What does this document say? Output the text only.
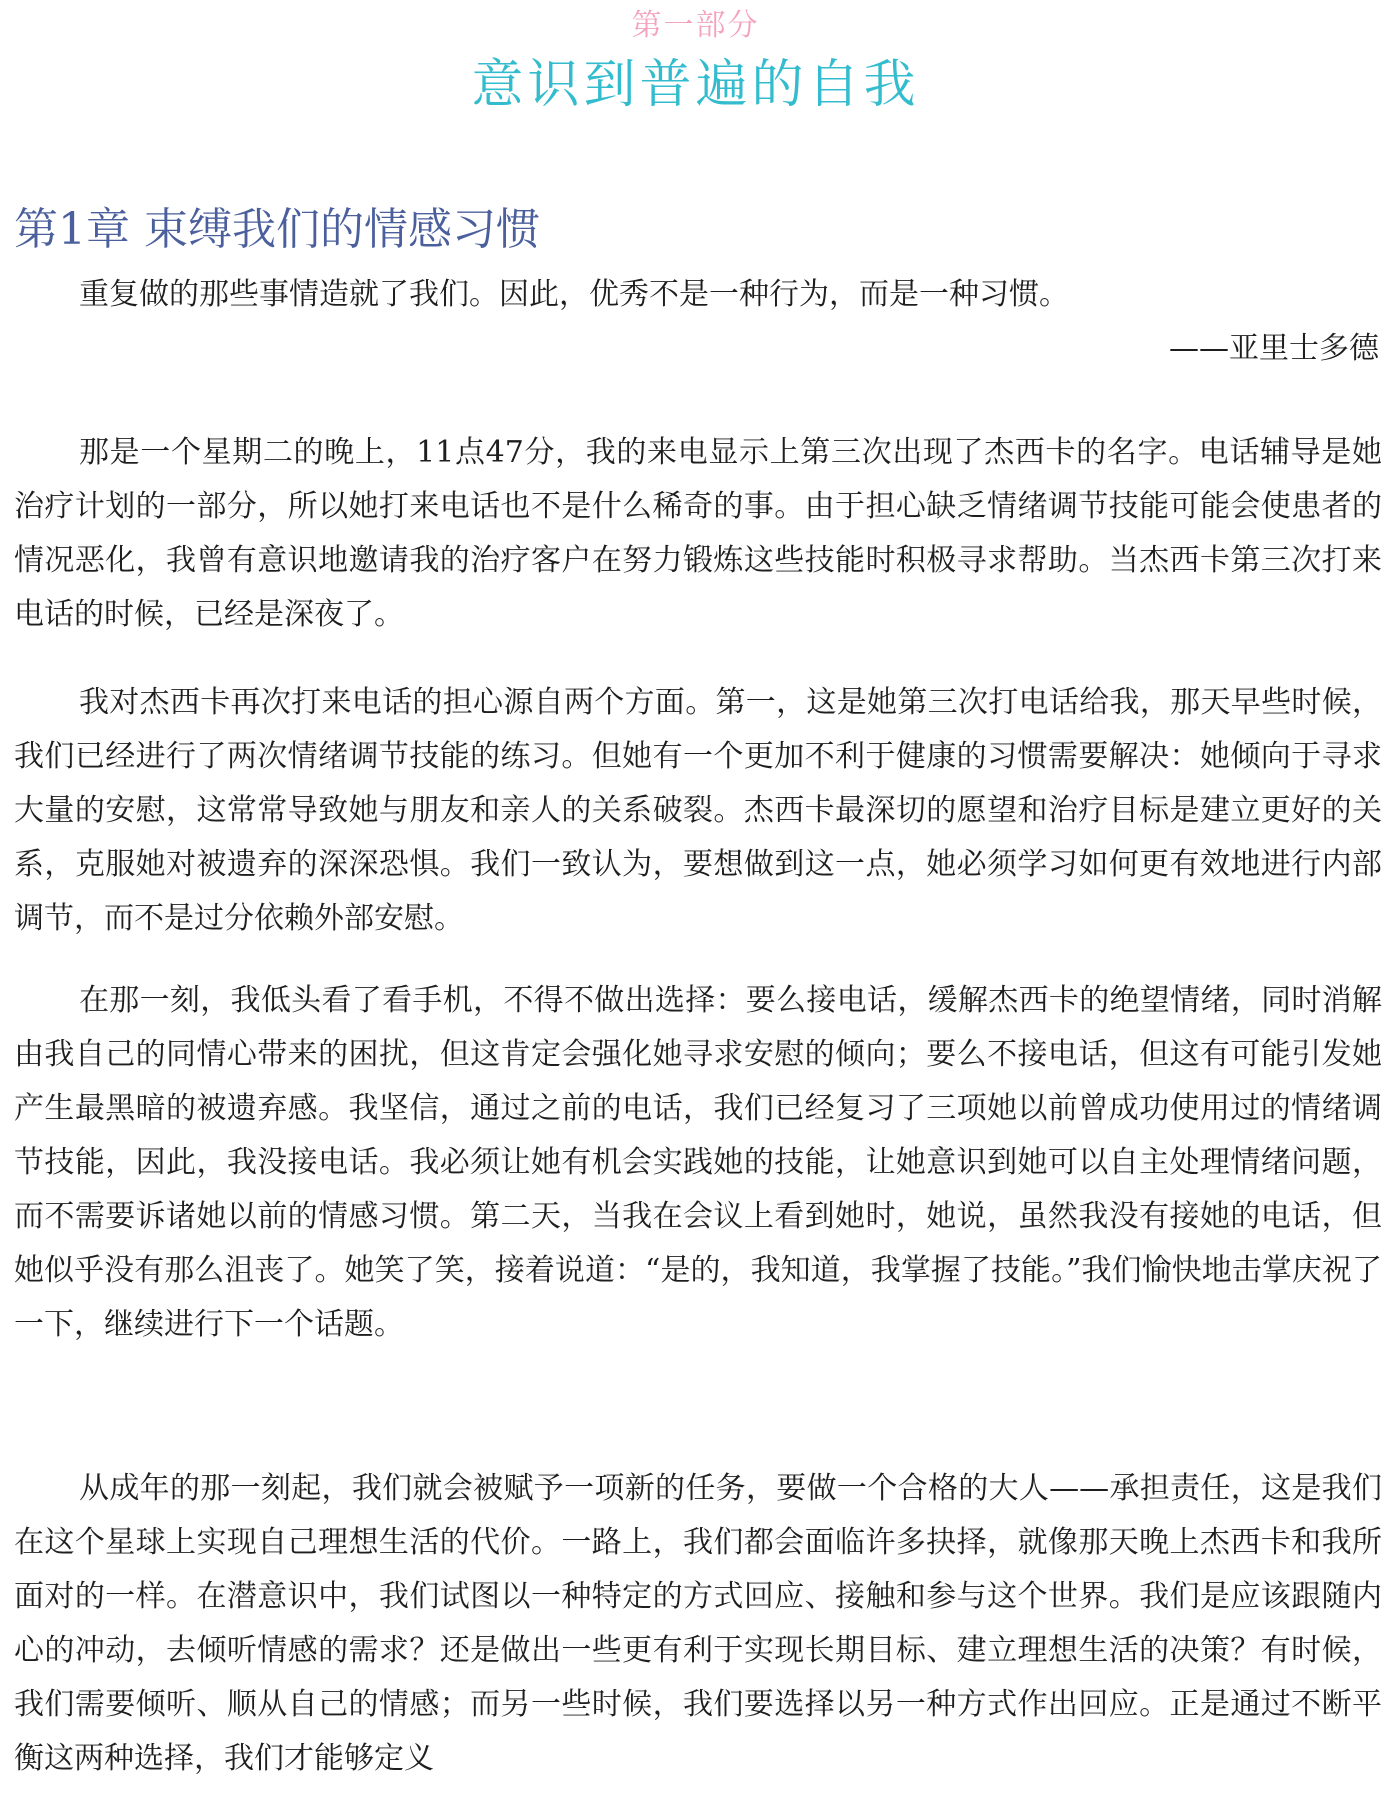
第一部分
意识到普遍的自我
第1章 束缚我们的情感习惯
重复做的那些事情造就了我们。因此，优秀不是一种行为，而是一种习惯。
——亚里士多德

那是一个星期二的晚上，11点47分，我的来电显示上第三次出现了杰西卡的名字。电话辅导是她治疗计划的一部分，所以她打来电话也不是什么稀奇的事。由于担心缺乏情绪调节技能可能会使患者的情况恶化，我曾有意识地邀请我的治疗客户在努力锻炼这些技能时积极寻求帮助。当杰西卡第三次打来电话的时候，已经是深夜了。

我对杰西卡再次打来电话的担心源自两个方面。第一，这是她第三次打电话给我，那天早些时候，我们已经进行了两次情绪调节技能的练习。但她有一个更加不利于健康的习惯需要解决：她倾向于寻求大量的安慰，这常常导致她与朋友和亲人的关系破裂。杰西卡最深切的愿望和治疗目标是建立更好的关系，克服她对被遗弃的深深恐惧。我们一致认为，要想做到这一点，她必须学习如何更有效地进行内部调节，而不是过分依赖外部安慰。

在那一刻，我低头看了看手机，不得不做出选择：要么接电话，缓解杰西卡的绝望情绪，同时消解由我自己的同情心带来的困扰，但这肯定会强化她寻求安慰的倾向；要么不接电话，但这有可能引发她产生最黑暗的被遗弃感。我坚信，通过之前的电话，我们已经复习了三项她以前曾成功使用过的情绪调节技能，因此，我没接电话。我必须让她有机会实践她的技能，让她意识到她可以自主处理情绪问题，而不需要诉诸她以前的情感习惯。第二天，当我在会议上看到她时，她说，虽然我没有接她的电话，但她似乎没有那么沮丧了。她笑了笑，接着说道：“是的，我知道，我掌握了技能。”我们愉快地击掌庆祝了一下，继续进行下一个话题。

从成年的那一刻起，我们就会被赋予一项新的任务，要做一个合格的大人——承担责任，这是我们在这个星球上实现自己理想生活的代价。一路上，我们都会面临许多抉择，就像那天晚上杰西卡和我所面对的一样。在潜意识中，我们试图以一种特定的方式回应、接触和参与这个世界。我们是应该跟随内心的冲动，去倾听情感的需求？还是做出一些更有利于实现长期目标、建立理想生活的决策？有时候，我们需要倾听、顺从自己的情感；而另一些时候，我们要选择以另一种方式作出回应。正是通过不断平衡这两种选择，我们才能够定义
